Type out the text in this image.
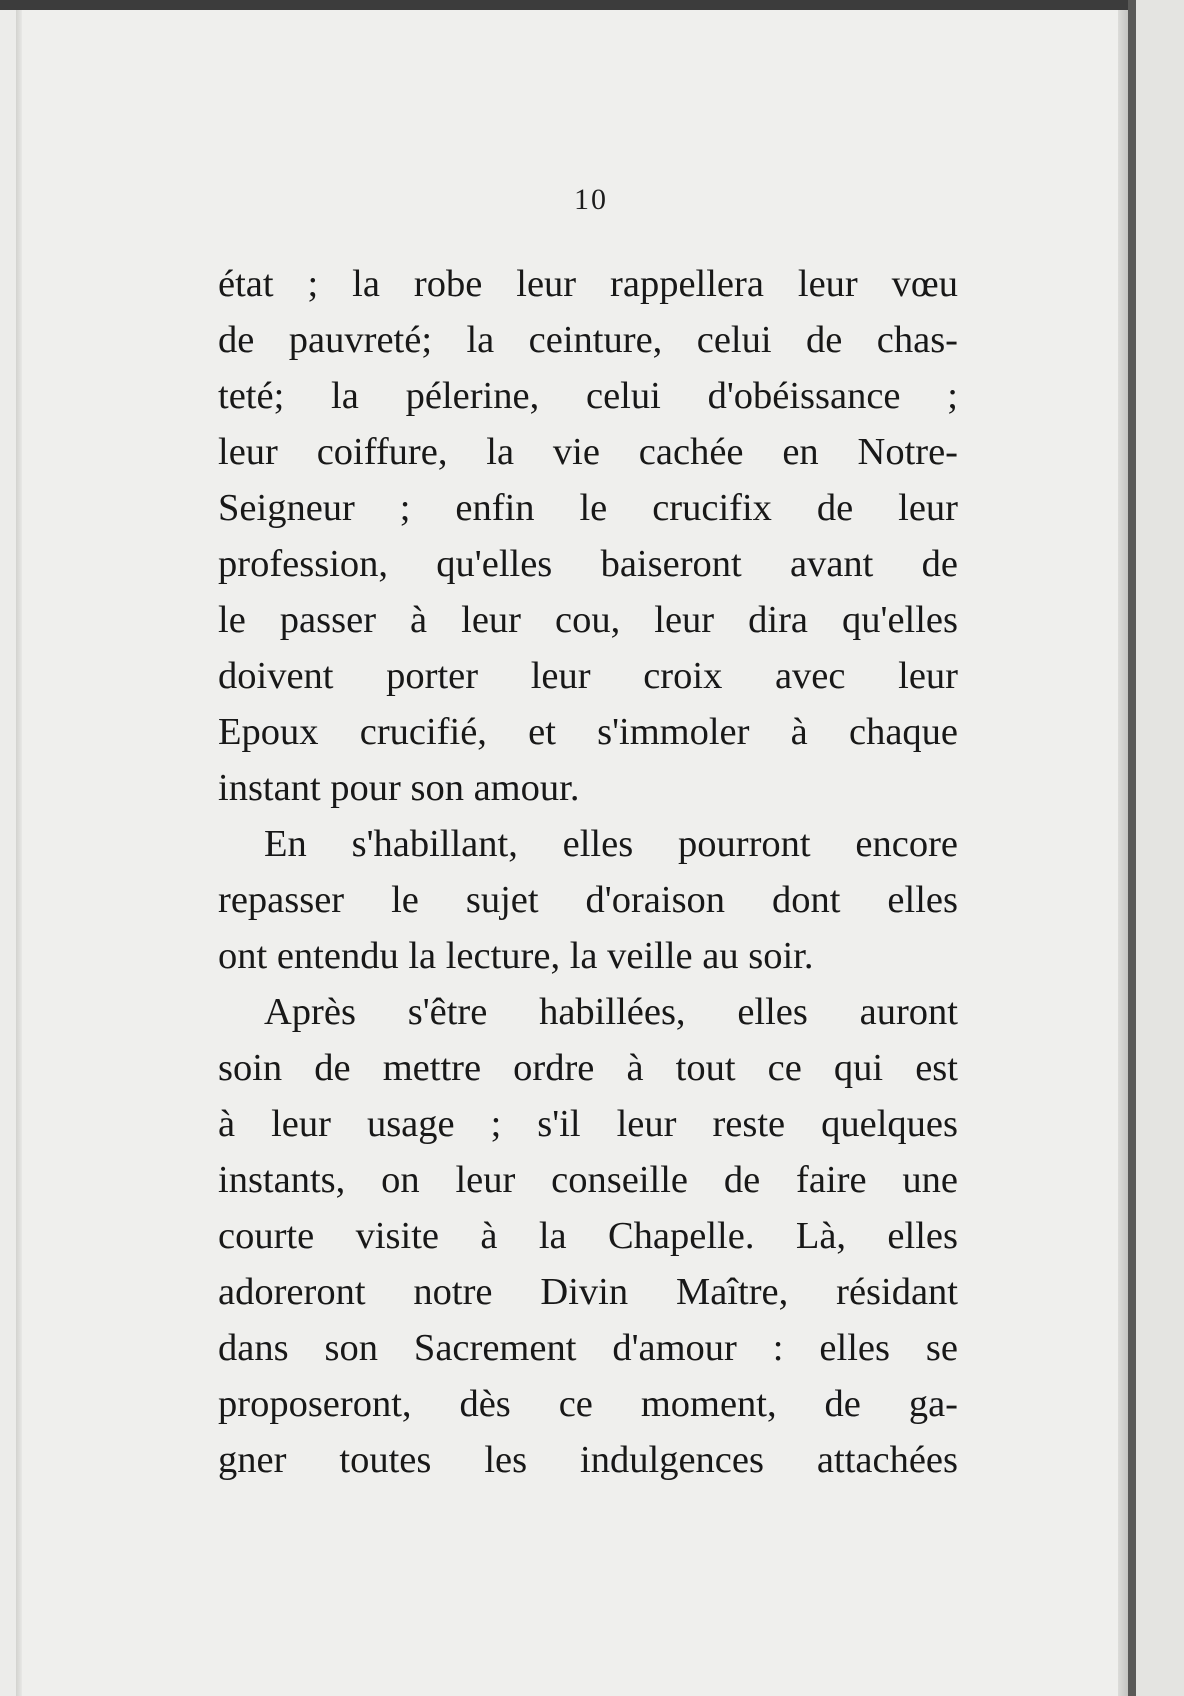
10
état ; la robe leur rappellera leur vœu
de pauvreté; la ceinture, celui de chas-
teté; la pélerine, celui d'obéissance ;
leur coiffure, la vie cachée en Notre-
Seigneur ; enfin le crucifix de leur
profession, qu'elles baiseront avant de
le passer à leur cou, leur dira qu'elles
doivent porter leur croix avec leur
Epoux crucifié, et s'immoler à chaque
instant pour son amour.
En s'habillant, elles pourront encore
repasser le sujet d'oraison dont elles
ont entendu la lecture, la veille au soir.
Après s'être habillées, elles auront
soin de mettre ordre à tout ce qui est
à leur usage ; s'il leur reste quelques
instants, on leur conseille de faire une
courte visite à la Chapelle. Là, elles
adoreront notre Divin Maître, résidant
dans son Sacrement d'amour : elles se
proposeront, dès ce moment, de ga-
gner toutes les indulgences attachées
